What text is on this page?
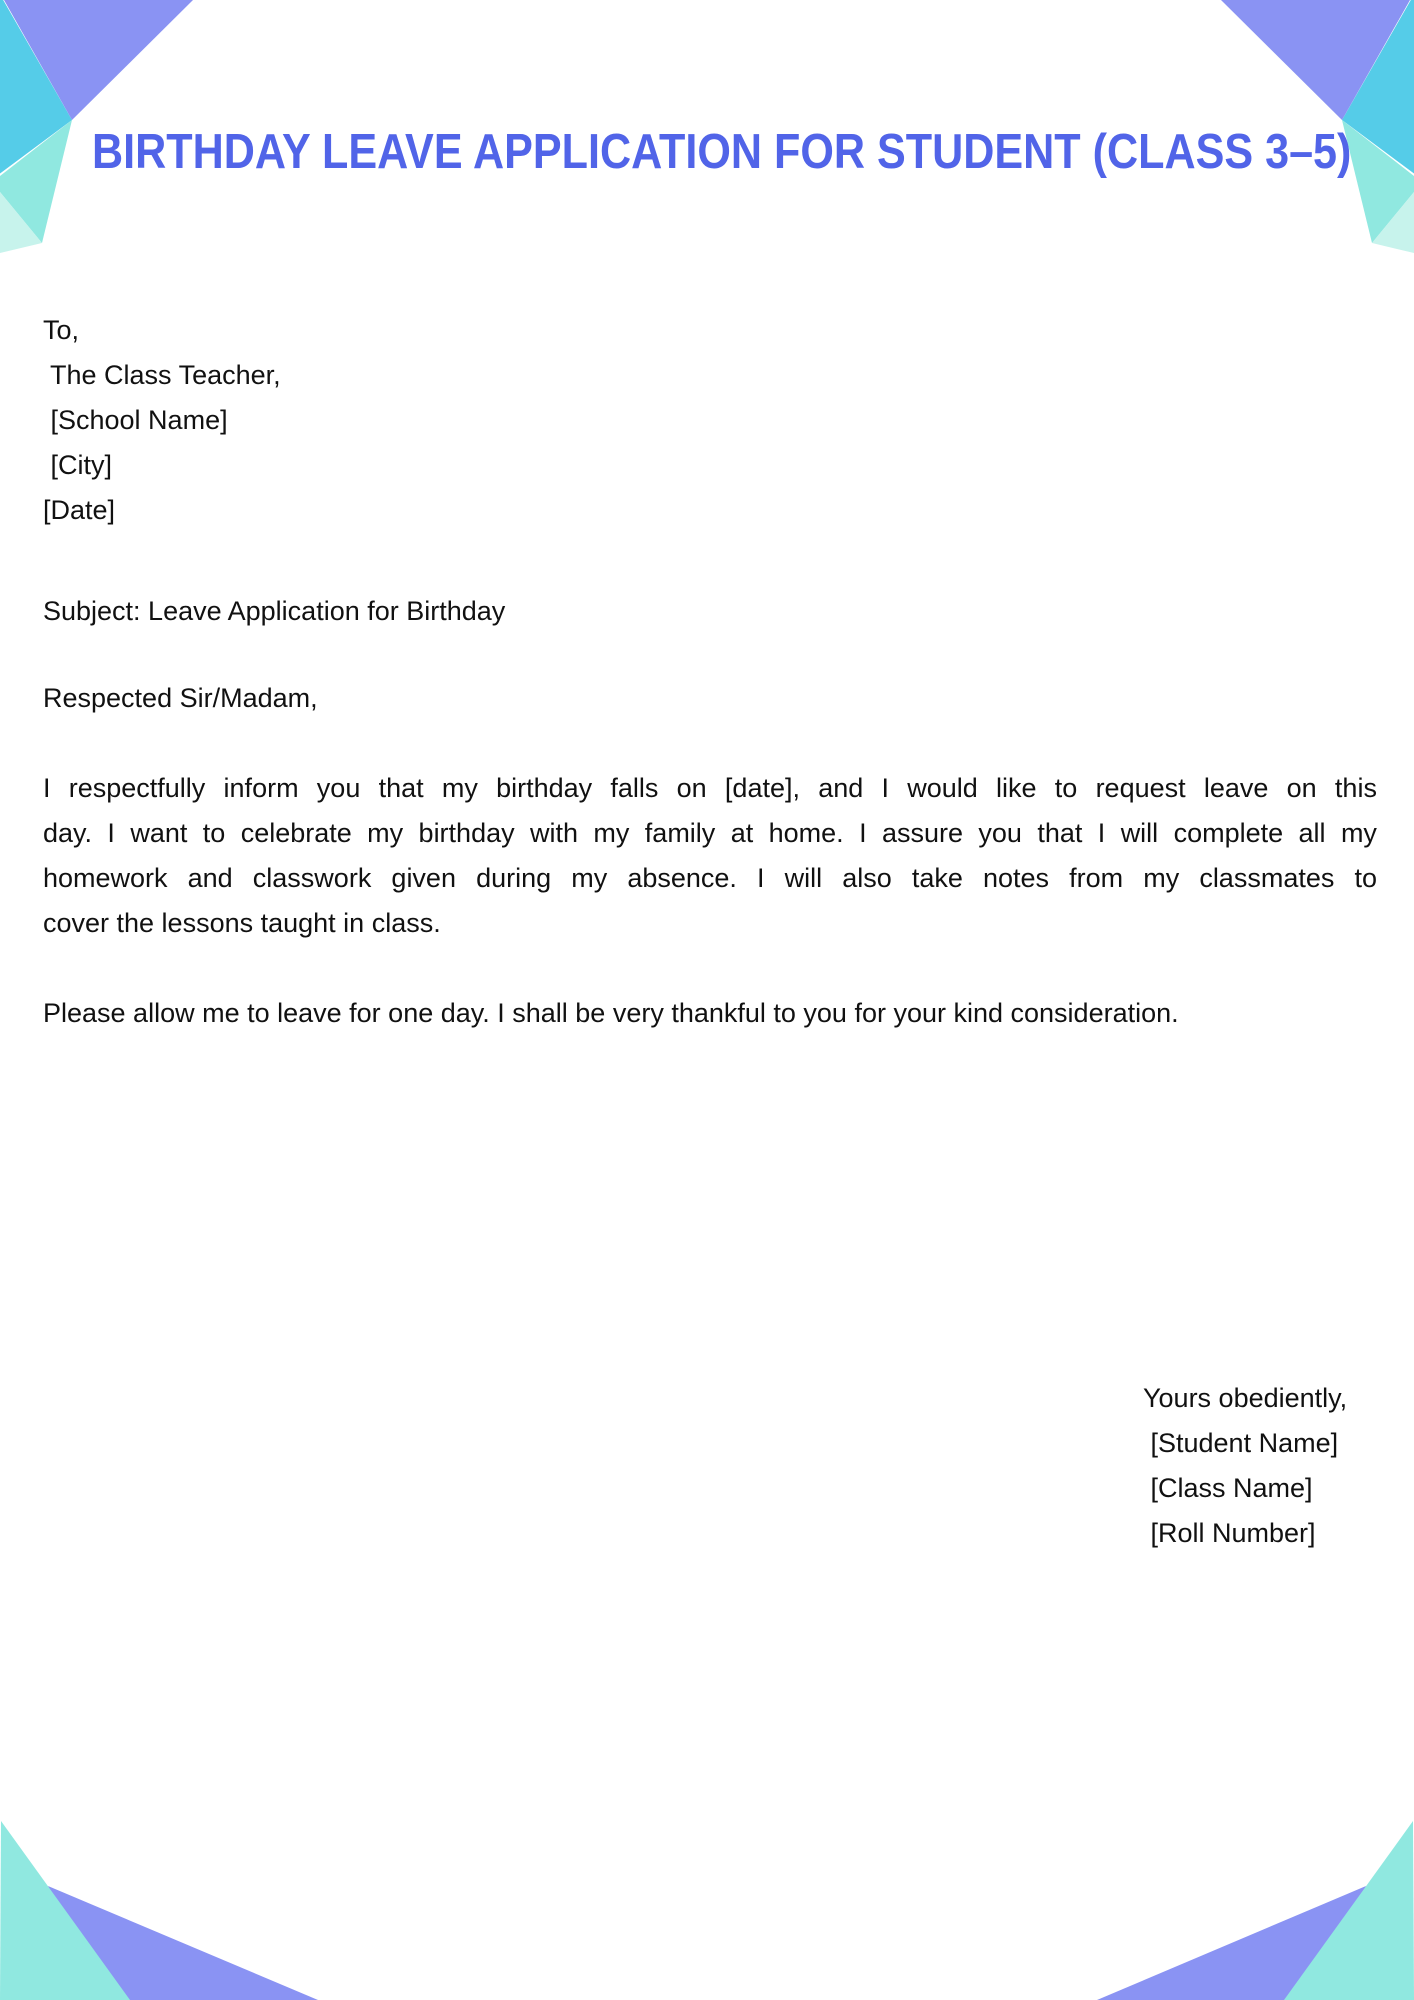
BIRTHDAY LEAVE APPLICATION FOR STUDENT (CLASS 3–5)
To,
The Class Teacher,
[School Name]
[City]
[Date]
Subject: Leave Application for Birthday
Respected Sir/Madam,
I respectfully inform you that my birthday falls on [date], and I would like to request leave on this
day. I want to celebrate my birthday with my family at home. I assure you that I will complete all my
homework and classwork given during my absence. I will also take notes from my classmates to
cover the lessons taught in class.
Please allow me to leave for one day. I shall be very thankful to you for your kind consideration.
Yours obediently,
[Student Name]
[Class Name]
[Roll Number]
